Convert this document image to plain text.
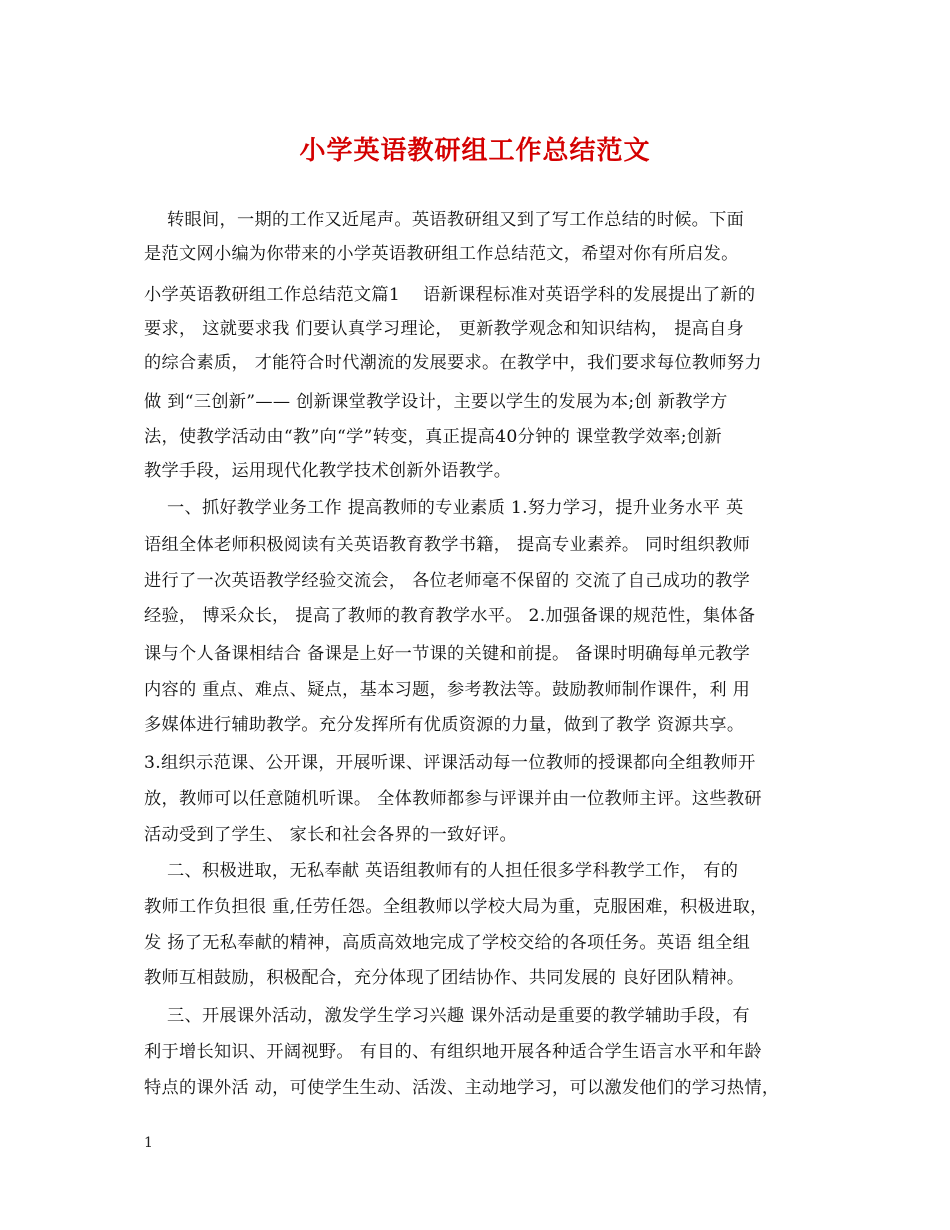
小学英语教研组工作总结范文
转眼间，一期的工作又近尾声。英语教研组又到了写工作总结的时候。下面
是范文网小编为你带来的小学英语教研组工作总结范文，希望对你有所启发。
小学英语教研组工作总结范文篇1    语新课程标准对英语学科的发展提出了新的
要求， 这就要求我 们要认真学习理论， 更新教学观念和知识结构， 提高自身
的综合素质， 才能符合时代潮流的发展要求。在教学中，我们要求每位教师努力
做 到“三创新”—— 创新课堂教学设计，主要以学生的发展为本;创 新教学方
法，使教学活动由“教”向“学”转变，真正提高40分钟的 课堂教学效率;创新
教学手段，运用现代化教学技术创新外语教学。
一、抓好教学业务工作 提高教师的专业素质 1.努力学习，提升业务水平 英
语组全体老师积极阅读有关英语教育教学书籍， 提高专业素养。 同时组织教师
进行了一次英语教学经验交流会， 各位老师毫不保留的 交流了自己成功的教学
经验， 博采众长， 提高了教师的教育教学水平。 2.加强备课的规范性，集体备
课与个人备课相结合 备课是上好一节课的关键和前提。 备课时明确每单元教学
内容的 重点、难点、疑点，基本习题，参考教法等。鼓励教师制作课件，利 用
多媒体进行辅助教学。充分发挥所有优质资源的力量，做到了教学 资源共享。
3.组织示范课、公开课，开展听课、评课活动每一位教师的授课都向全组教师开
放，教师可以任意随机听课。 全体教师都参与评课并由一位教师主评。这些教研
活动受到了学生、 家长和社会各界的一致好评。
二、积极进取，无私奉献 英语组教师有的人担任很多学科教学工作， 有的
教师工作负担很 重,任劳任怨。全组教师以学校大局为重，克服困难，积极进取，
发 扬了无私奉献的精神，高质高效地完成了学校交给的各项任务。英语 组全组
教师互相鼓励，积极配合，充分体现了团结协作、共同发展的 良好团队精神。
三、开展课外活动，激发学生学习兴趣 课外活动是重要的教学辅助手段，有
利于增长知识、开阔视野。 有目的、有组织地开展各种适合学生语言水平和年龄
特点的课外活 动，可使学生生动、活泼、主动地学习，可以激发他们的学习热情，
1
